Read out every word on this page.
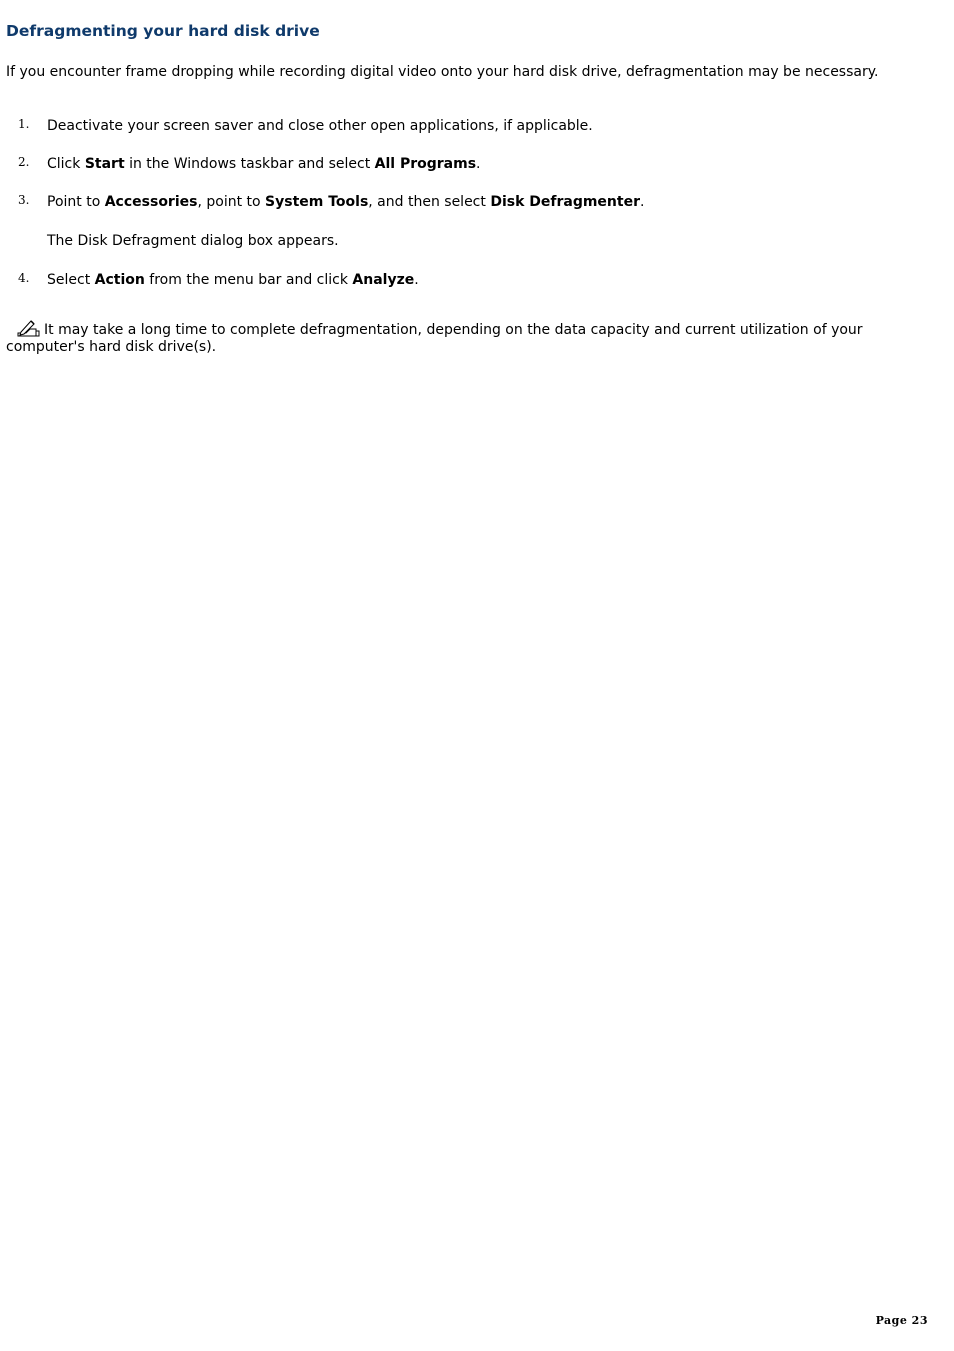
Defragmenting your hard disk drive

If you encounter frame dropping while recording digital video onto your hard disk drive, defragmentation may be necessary.

1. Deactivate your screen saver and close other open applications, if applicable.
2. Click Start in the Windows taskbar and select All Programs.
3. Point to Accessories, point to System Tools, and then select Disk Defragmenter.
4. Select Action from the menu bar and click Analyze.
The Disk Defragment dialog box appears.

It may take a long time to complete defragmentation, depending on the data capacity and current utilization of your computer's hard disk drive(s).

Page 23
